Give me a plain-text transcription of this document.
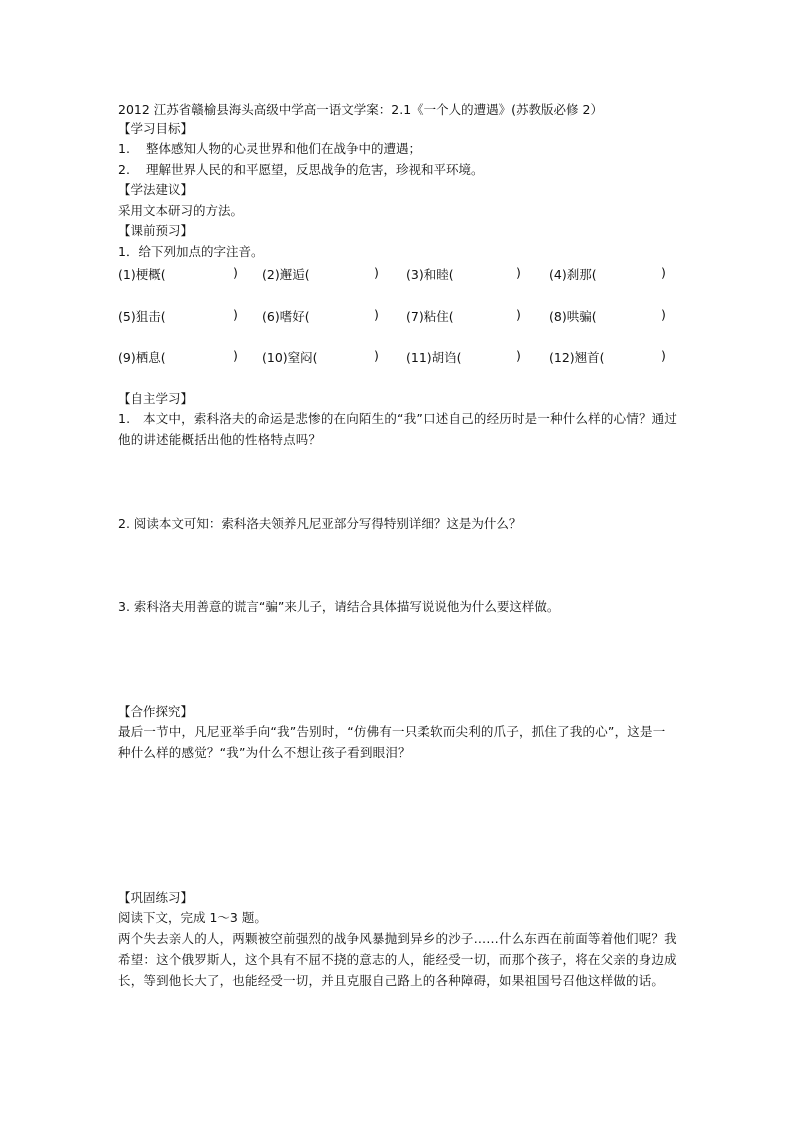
2012 江苏省赣榆县海头高级中学高一语文学案：2.1《一个人的遭遇》(苏教版必修 2）
【学习目标】
1. 整体感知人物的心灵世界和他们在战争中的遭遇；
2. 理解世界人民的和平愿望，反思战争的危害，珍视和平环境。
【学法建议】
采用文本研习的方法。
【课前预习】
1．给下列加点的字注音。
(1)梗概(	) (2)邂逅(	) (3)和睦(	) (4)刹那(	)
(5)狙击(	) (6)嗜好(	) (7)粘住(	) (8)哄骗(	)
(9)栖息(	) (10)窒闷(	) (11)胡诌(	) (12)翘首(	)
【自主学习】
1.　本文中，索科洛夫的命运是悲惨的在向陌生的“我”口述自己的经历时是一种什么样的心情？通过他的讲述能概括出他的性格特点吗？
2. 阅读本文可知：索科洛夫领养凡尼亚部分写得特别详细？这是为什么？
3. 索科洛夫用善意的谎言“骗”来儿子，请结合具体描写说说他为什么要这样做。
【合作探究】
最后一节中，凡尼亚举手向“我”告别时，“仿佛有一只柔软而尖利的爪子，抓住了我的心”，这是一种什么样的感觉？“我”为什么不想让孩子看到眼泪？
【巩固练习】
阅读下文，完成 1～3 题。
两个失去亲人的人，两颗被空前强烈的战争风暴抛到异乡的沙子……什么东西在前面等着他们呢？我希望：这个俄罗斯人，这个具有不屈不挠的意志的人，能经受一切，而那个孩子，将在父亲的身边成长，等到他长大了，也能经受一切，并且克服自己路上的各种障碍，如果祖国号召他这样做的话。
